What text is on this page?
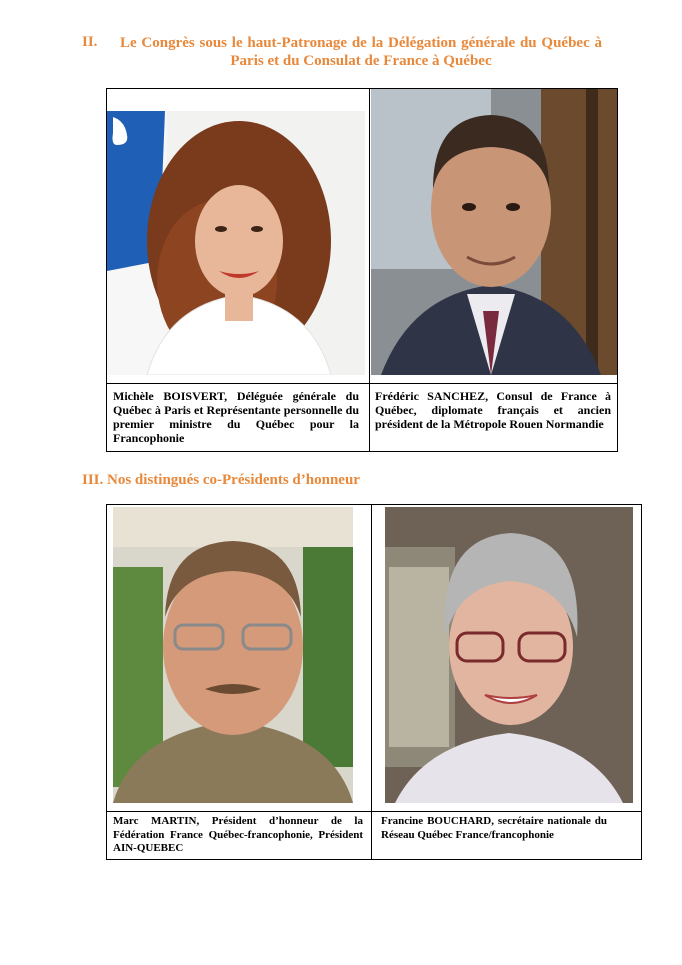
II. Le Congrès sous le haut-Patronage de la Délégation générale du Québec à Paris et du Consulat de France à Québec
Michèle BOISVERT, Déléguée générale du Québec à Paris et Représentante personnelle du premier ministre du Québec pour la Francophonie
Frédéric SANCHEZ, Consul de France à Québec, diplomate français et ancien président de la Métropole Rouen Normandie
III. Nos distingués co-Présidents d’honneur
Marc MARTIN, Président d’honneur de la Fédération France Québec-francophonie, Président AIN-QUEBEC
Francine BOUCHARD, secrétaire nationale du Réseau Québec France/francophonie
